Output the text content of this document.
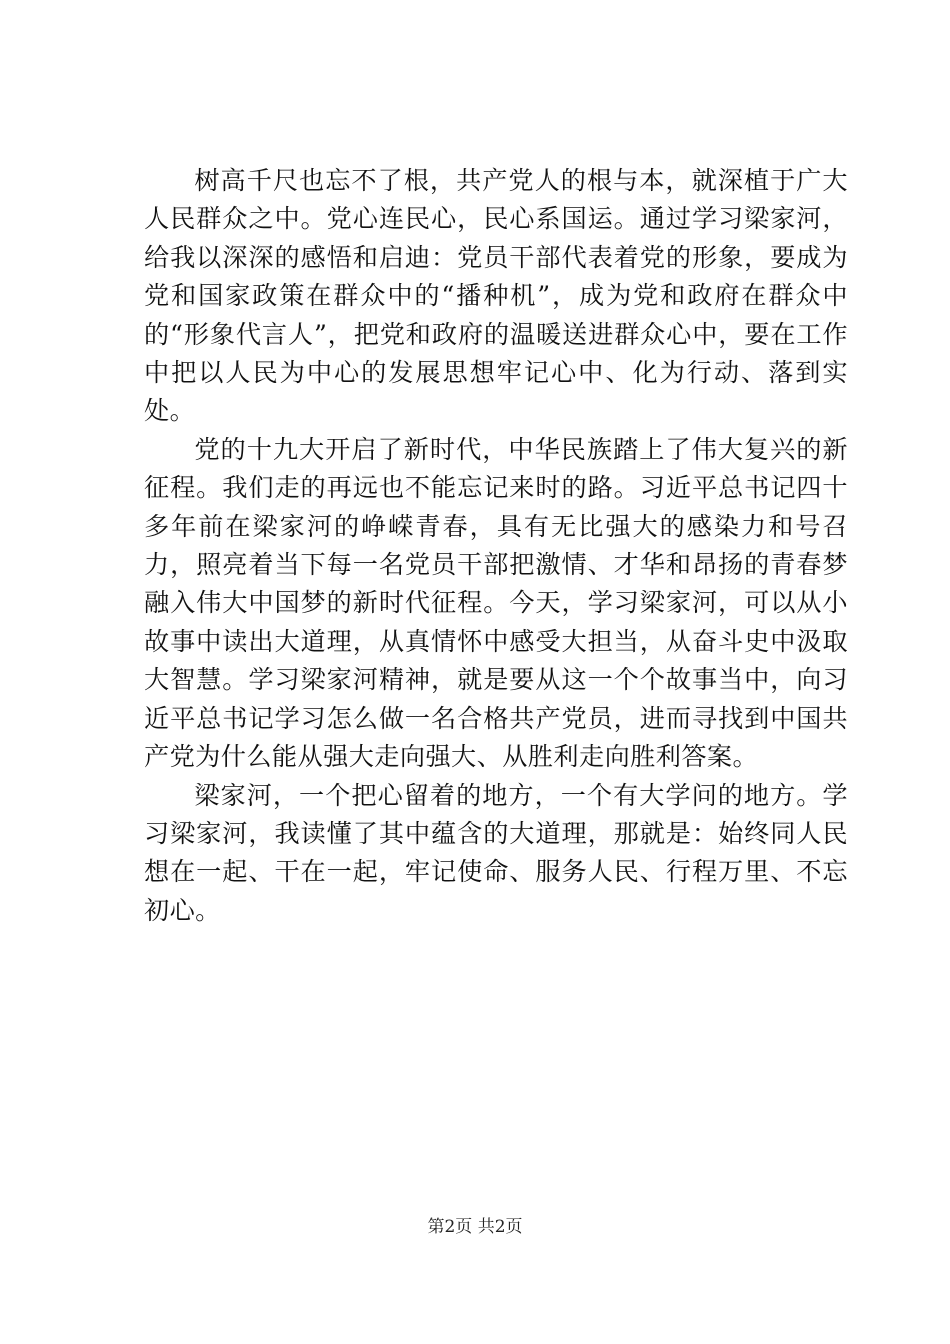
树高千尺也忘不了根，共产党人的根与本，就深植于广大人民群众之中。党心连民心，民心系国运。通过学习梁家河，给我以深深的感悟和启迪：党员干部代表着党的形象，要成为党和国家政策在群众中的“播种机”，成为党和政府在群众中的“形象代言人”，把党和政府的温暖送进群众心中，要在工作中把以人民为中心的发展思想牢记心中、化为行动、落到实处。

党的十九大开启了新时代，中华民族踏上了伟大复兴的新征程。我们走的再远也不能忘记来时的路。习近平总书记四十多年前在梁家河的峥嵘青春，具有无比强大的感染力和号召力，照亮着当下每一名党员干部把激情、才华和昂扬的青春梦融入伟大中国梦的新时代征程。今天，学习梁家河，可以从小故事中读出大道理，从真情怀中感受大担当，从奋斗史中汲取大智慧。学习梁家河精神，就是要从这一个个故事当中，向习近平总书记学习怎么做一名合格共产党员，进而寻找到中国共产党为什么能从强大走向强大、从胜利走向胜利答案。

梁家河，一个把心留着的地方，一个有大学问的地方。学习梁家河，我读懂了其中蕴含的大道理，那就是：始终同人民想在一起、干在一起，牢记使命、服务人民、行程万里、不忘初心。

第2页 共2页
